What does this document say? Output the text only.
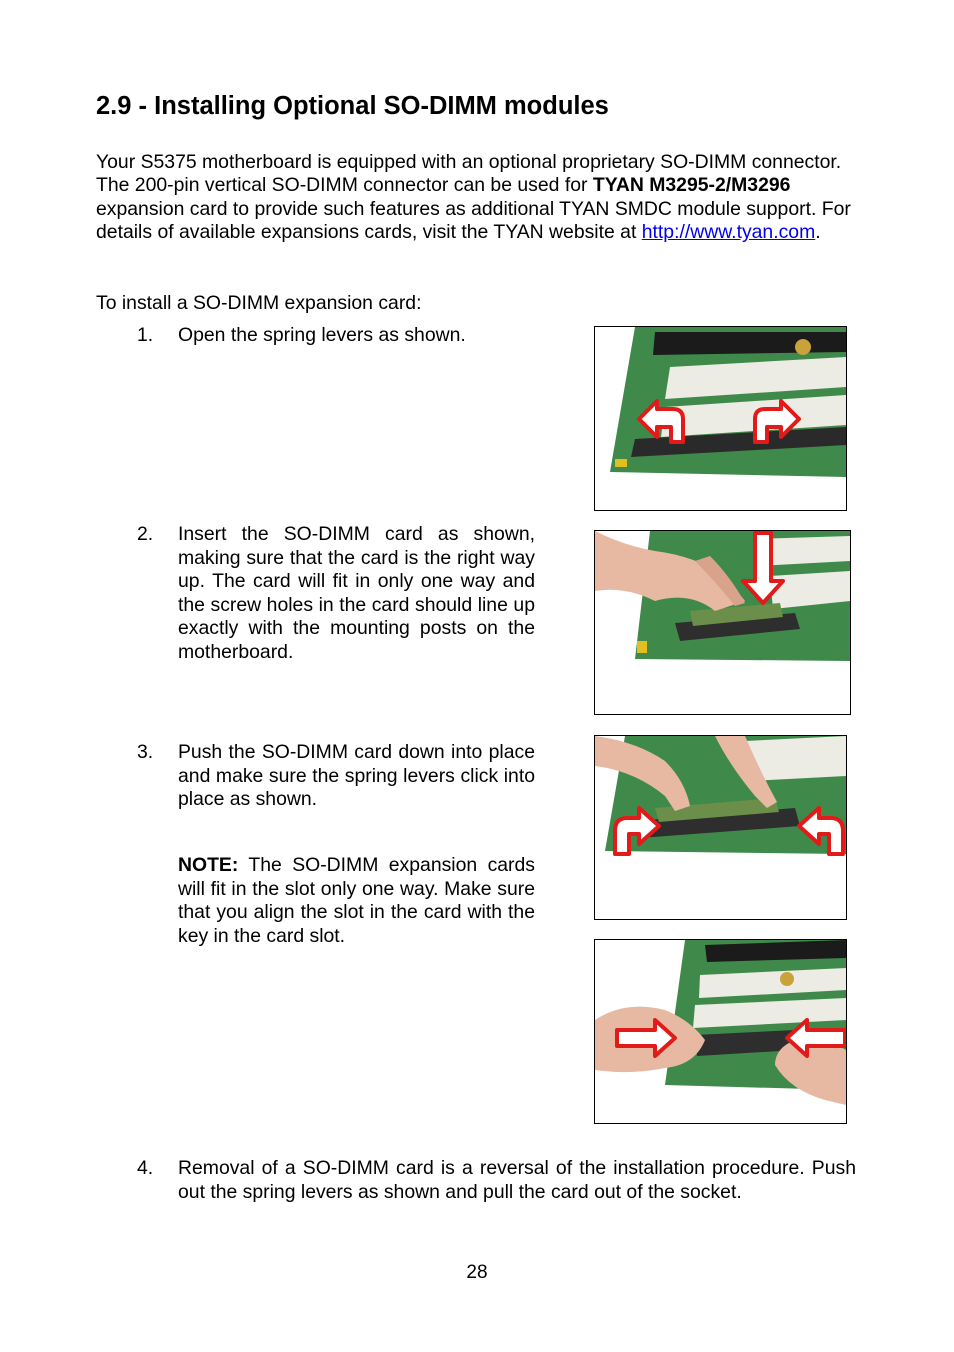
2.9 - Installing Optional SO-DIMM modules
Your S5375 motherboard is equipped with an optional proprietary SO-DIMM connector. The 200-pin vertical SO-DIMM connector can be used for TYAN M3295-2/M3296 expansion card to provide such features as additional TYAN SMDC module support. For details of available expansions cards, visit the TYAN website at http://www.tyan.com.
To install a SO-DIMM expansion card:
1. Open the spring levers as shown.
2. Insert the SO-DIMM card as shown, making sure that the card is the right way up. The card will fit in only one way and the screw holes in the card should line up exactly with the mounting posts on the motherboard.
3. Push the SO-DIMM card down into place and make sure the spring levers click into place as shown.
NOTE: The SO-DIMM expansion cards will fit in the slot only one way. Make sure that you align the slot in the card with the key in the card slot.
4. Removal of a SO-DIMM card is a reversal of the installation procedure. Push out the spring levers as shown and pull the card out of the socket.
28
